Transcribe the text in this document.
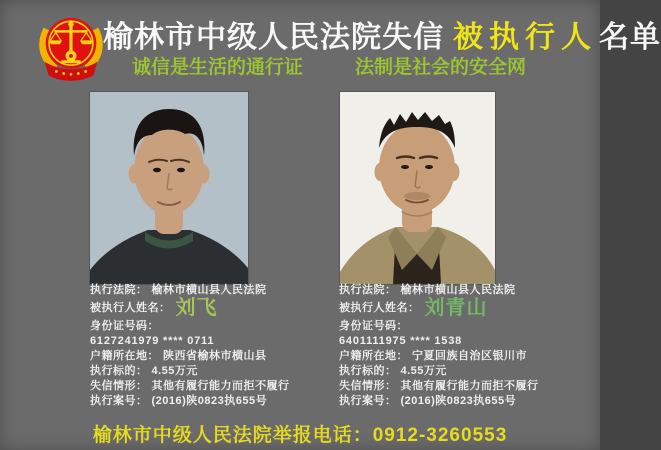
榆林市中级人民法院失信 被执行人名单
诚信是生活的通行证	法制是社会的安全网
执行法院： 榆林市横山县人民法院
被执行人姓名： 刘飞
身份证号码：
6127241979 **** 0711
户籍所在地： 陕西省榆林市横山县
执行标的： 4.55万元
失信情形： 其他有履行能力而拒不履行
执行案号： (2016)陕0823执655号
执行法院： 榆林市横山县人民法院
被执行人姓名： 刘青山
身份证号码：
6401111975 **** 1538
户籍所在地： 宁夏回族自治区银川市
执行标的： 4.55万元
失信情形： 其他有履行能力而拒不履行
执行案号： (2016)陕0823执655号
榆林市中级人民法院举报电话：0912-3260553
